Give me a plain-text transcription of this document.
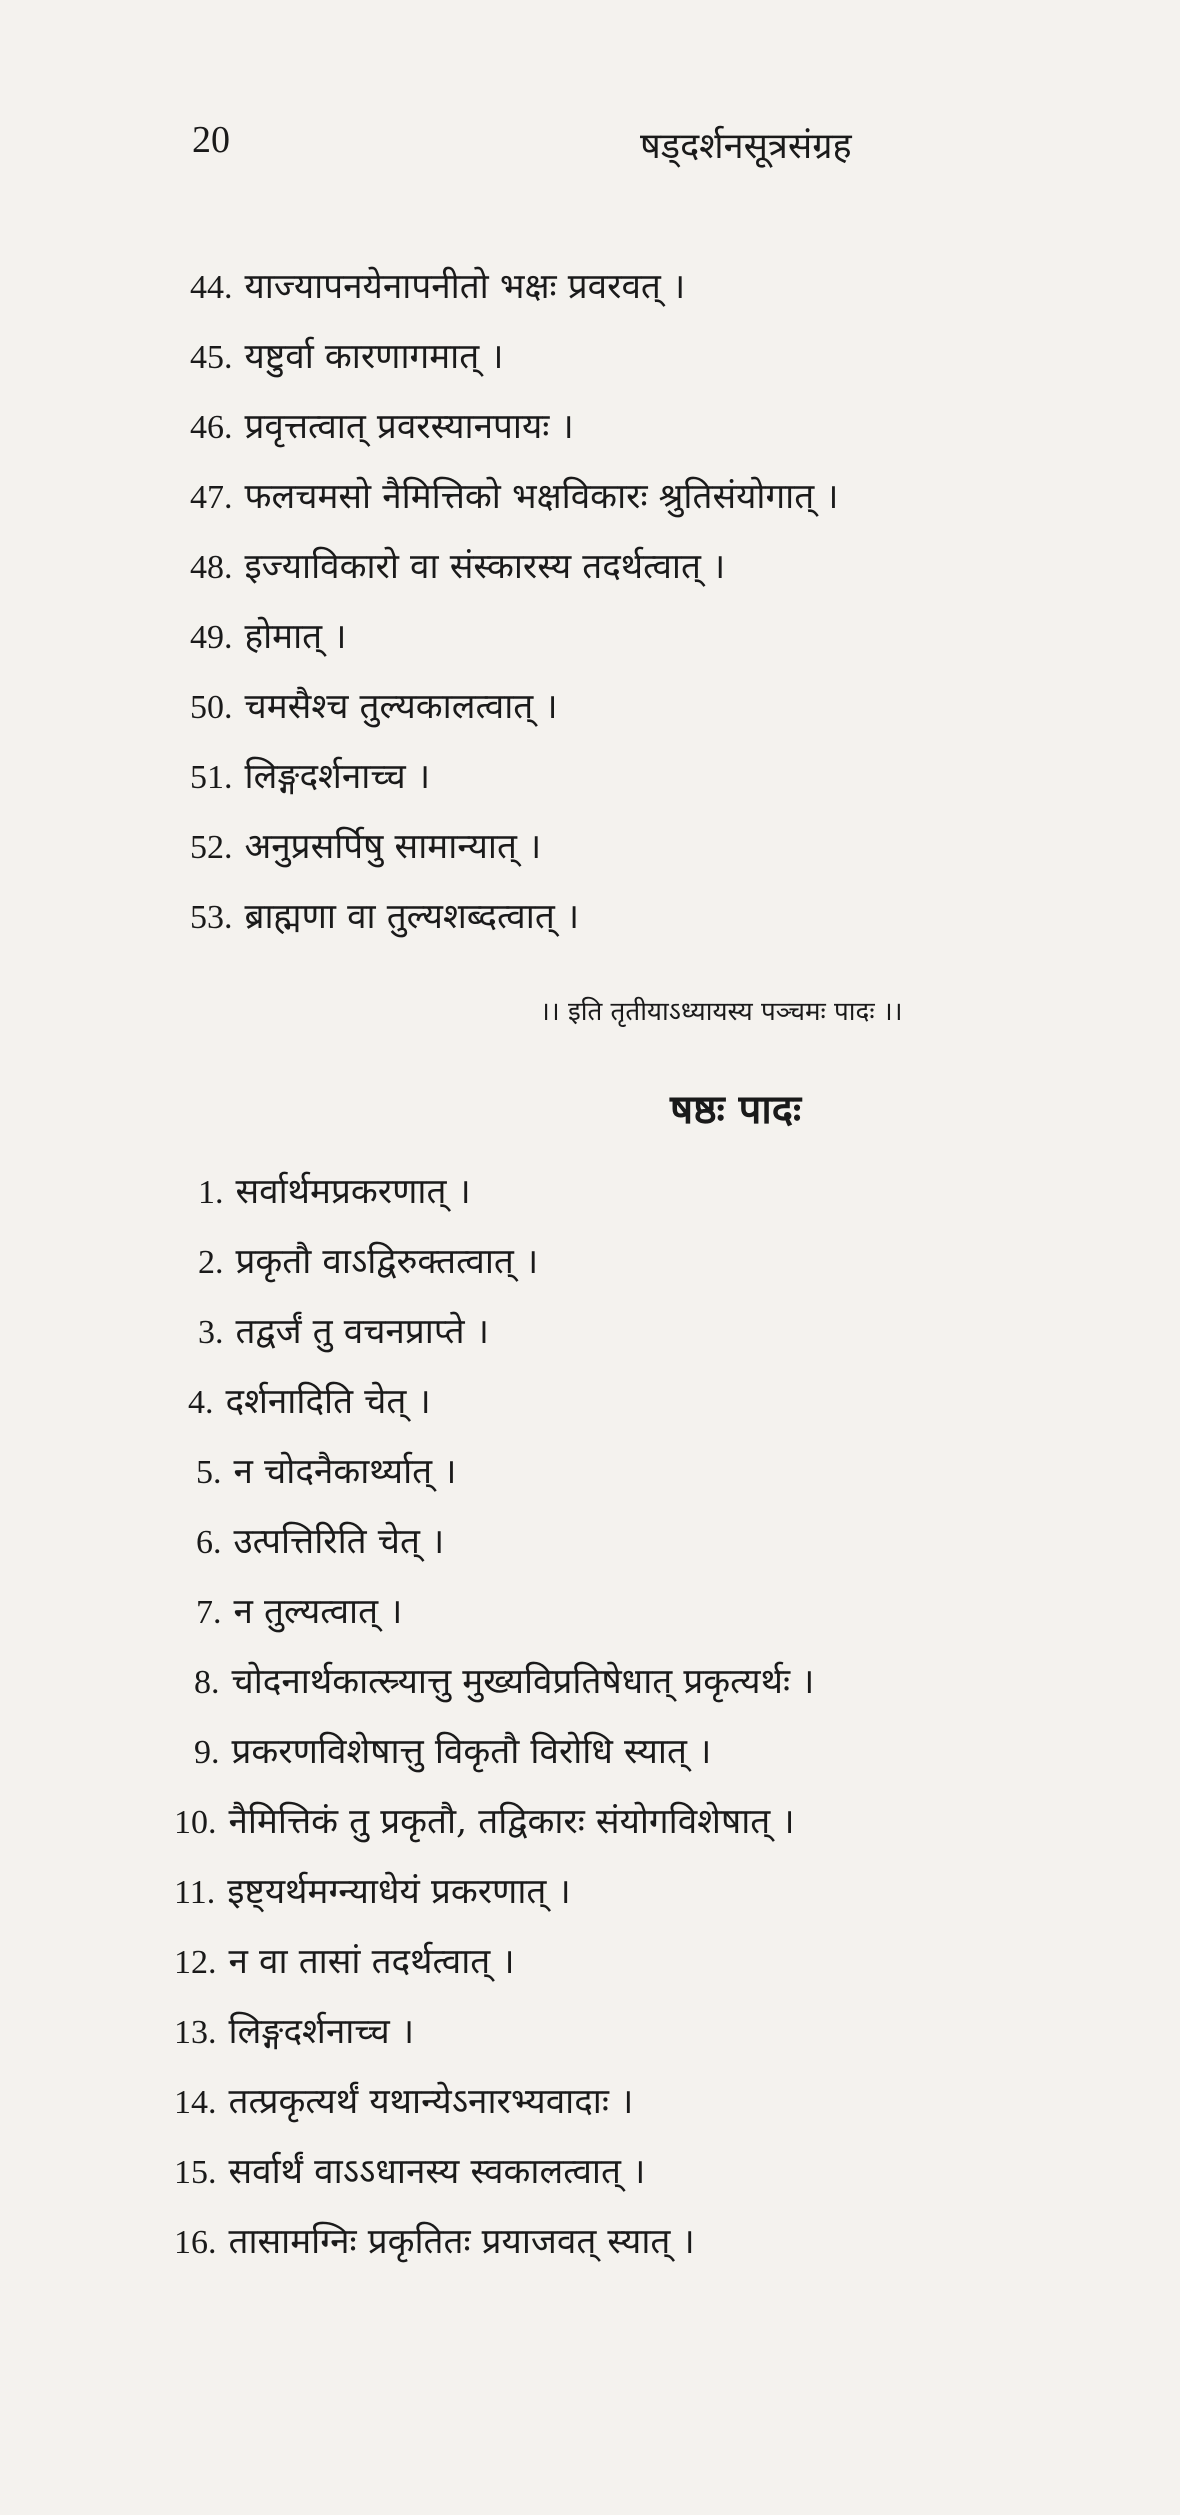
20	षड्दर्शनसूत्रसंग्रह
44. याज्यापनयेनापनीतो भक्षः प्रवरवत् ।
45. यष्टुर्वा कारणागमात् ।
46. प्रवृत्तत्वात् प्रवरस्यानपायः ।
47. फलचमसो नैमित्तिको भक्षविकारः श्रुतिसंयोगात् ।
48. इज्याविकारो वा संस्कारस्य तदर्थत्वात् ।
49. होमात् ।
50. चमसैश्च तुल्यकालत्वात् ।
51. लिङ्गदर्शनाच्च ।
52. अनुप्रसर्पिषु सामान्यात् ।
53. ब्राह्मणा वा तुल्यशब्दत्वात् ।
।। इति तृतीयाऽध्यायस्य पञ्चमः पादः ।।
षष्ठः पादः
1. सर्वार्थमप्रकरणात् ।
2. प्रकृतौ वाऽद्विरुक्तत्वात् ।
3. तद्वर्जं तु वचनप्राप्ते ।
4. दर्शनादिति चेत् ।
5. न चोदनैकार्थ्यात् ।
6. उत्पत्तिरिति चेत् ।
7. न तुल्यत्वात् ।
8. चोदनार्थकात्स्र्यात्तु मुख्यविप्रतिषेधात् प्रकृत्यर्थः ।
9. प्रकरणविशेषात्तु विकृतौ विरोधि स्यात् ।
10. नैमित्तिकं तु प्रकृतौ, तद्विकारः संयोगविशेषात् ।
11. इष्ट्यर्थमग्न्याधेयं प्रकरणात् ।
12. न वा तासां तदर्थत्वात् ।
13. लिङ्गदर्शनाच्च ।
14. तत्प्रकृत्यर्थं यथान्येऽनारभ्यवादाः ।
15. सर्वार्थं वाऽऽधानस्य स्वकालत्वात् ।
16. तासामग्निः प्रकृतितः प्रयाजवत् स्यात् ।
